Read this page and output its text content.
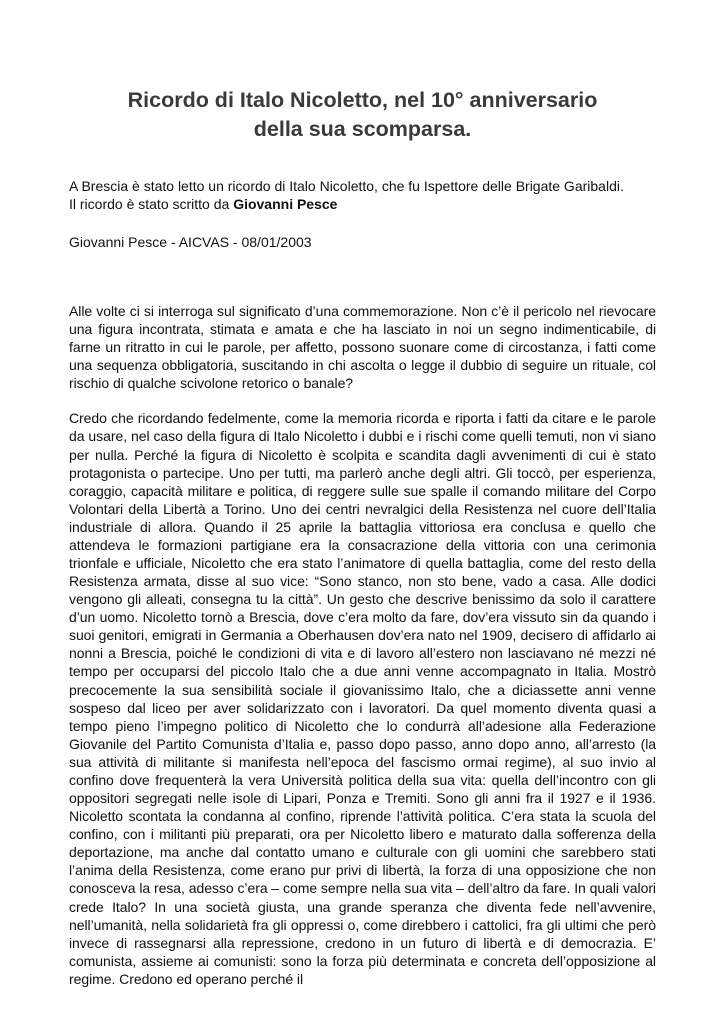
Ricordo di Italo Nicoletto, nel 10° anniversario
della sua scomparsa.

A Brescia è stato letto un ricordo di Italo Nicoletto, che fu Ispettore delle Brigate Garibaldi.

Il ricordo è stato scritto da Giovanni Pesce

Giovanni Pesce - AICVAS - 08/01/2003

Alle volte ci si interroga sul significato d’una commemorazione. Non c’è il pericolo nel rievocare una figura incontrata, stimata e amata e che ha lasciato in noi un segno indimenticabile, di farne un ritratto in cui le parole, per affetto, possono suonare come di circostanza, i fatti come una sequenza obbligatoria, suscitando in chi ascolta o legge il dubbio di seguire un rituale, col rischio di qualche scivolone retorico o banale?

Credo che ricordando fedelmente, come la memoria ricorda e riporta i fatti da citare e le parole da usare, nel caso della figura di Italo Nicoletto i dubbi e i rischi come quelli temuti, non vi siano per nulla. Perché la figura di Nicoletto è scolpita e scandita dagli avvenimenti di cui è stato protagonista o partecipe. Uno per tutti, ma parlerò anche degli altri. Gli toccò, per esperienza, coraggio, capacità militare e politica, di reggere sulle sue spalle il comando militare del Corpo Volontari della Libertà a Torino. Uno dei centri nevralgici della Resistenza nel cuore dell’Italia industriale di allora. Quando il 25 aprile la battaglia vittoriosa era conclusa e quello che attendeva le formazioni partigiane era la consacrazione della vittoria con una cerimonia trionfale e ufficiale, Nicoletto che era stato l’animatore di quella battaglia, come del resto della Resistenza armata, disse al suo vice: “Sono stanco, non sto bene, vado a casa. Alle dodici vengono gli alleati, consegna tu la città”. Un gesto che descrive benissimo da solo il carattere d’un uomo. Nicoletto tornò a Brescia, dove c’era molto da fare, dov’era vissuto sin da quando i suoi genitori, emigrati in Germania a Oberhausen dov’era nato nel 1909, decisero di affidarlo ai nonni a Brescia, poiché le condizioni di vita e di lavoro all’estero non lasciavano né mezzi né tempo per occuparsi del piccolo Italo che a due anni venne accompagnato in Italia. Mostrò precocemente la sua sensibilità sociale il giovanissimo Italo, che a diciassette anni venne sospeso dal liceo per aver solidarizzato con i lavoratori. Da quel momento diventa quasi a tempo pieno l’impegno politico di Nicoletto che lo condurrà all’adesione alla Federazione Giovanile del Partito Comunista d’Italia e, passo dopo passo, anno dopo anno, all’arresto (la sua attività di militante si manifesta nell’epoca del fascismo ormai regime), al suo invio al confino dove frequenterà la vera Università politica della sua vita: quella dell’incontro con gli oppositori segregati nelle isole di Lipari, Ponza e Tremiti. Sono gli anni fra il 1927 e il 1936. Nicoletto scontata la condanna al confino, riprende l’attività politica. C’era stata la scuola del confino, con i militanti più preparati, ora per Nicoletto libero e maturato dalla sofferenza della deportazione, ma anche dal contatto umano e culturale con gli uomini che sarebbero stati l’anima della Resistenza, come erano pur privi di libertà, la forza di una opposizione che non conosceva la resa, adesso c’era – come sempre nella sua vita – dell’altro da fare. In quali valori crede Italo? In una società giusta, una grande speranza che diventa fede nell’avvenire, nell’umanità, nella solidarietà fra gli oppressi o, come direbbero i cattolici, fra gli ultimi che però invece di rassegnarsi alla repressione, credono in un futuro di libertà e di democrazia. E’ comunista, assieme ai comunisti: sono la forza più determinata e concreta dell’opposizione al regime. Credono ed operano perché il
